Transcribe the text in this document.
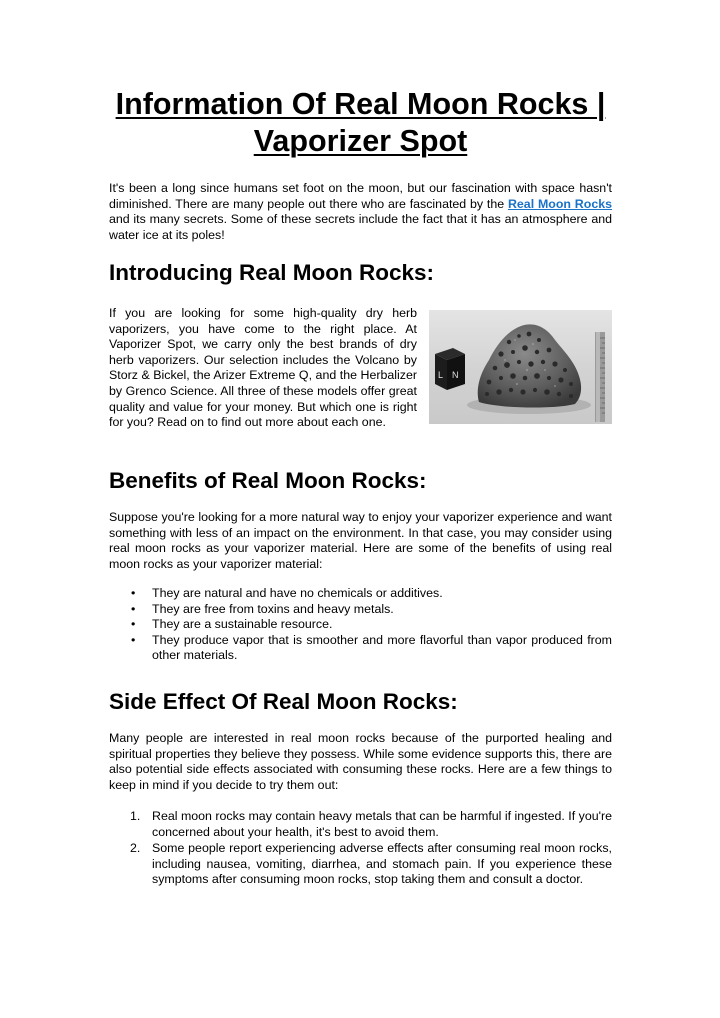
Information Of Real Moon Rocks | Vaporizer Spot

It's been a long since humans set foot on the moon, but our fascination with space hasn't diminished. There are many people out there who are fascinated by the Real Moon Rocks and its many secrets. Some of these secrets include the fact that it has an atmosphere and water ice at its poles!

Introducing Real Moon Rocks:

If you are looking for some high-quality dry herb vaporizers, you have come to the right place. At Vaporizer Spot, we carry only the best brands of dry herb vaporizers. Our selection includes the Volcano by Storz & Bickel, the Arizer Extreme Q, and the Herbalizer by Grenco Science. All three of these models offer great quality and value for your money. But which one is right for you? Read on to find out more about each one.

L N
Benefits of Real Moon Rocks:

Suppose you're looking for a more natural way to enjoy your vaporizer experience and want something with less of an impact on the environment. In that case, you may consider using real moon rocks as your vaporizer material. Here are some of the benefits of using real moon rocks as your vaporizer material:

• They are natural and have no chemicals or additives.
• They are free from toxins and heavy metals.
• They are a sustainable resource.
• They produce vapor that is smoother and more flavorful than vapor produced from other materials.
Side Effect Of Real Moon Rocks:

Many people are interested in real moon rocks because of the purported healing and spiritual properties they believe they possess. While some evidence supports this, there are also potential side effects associated with consuming these rocks. Here are a few things to keep in mind if you decide to try them out:

1. Real moon rocks may contain heavy metals that can be harmful if ingested. If you're concerned about your health, it's best to avoid them.
2. Some people report experiencing adverse effects after consuming real moon rocks, including nausea, vomiting, diarrhea, and stomach pain. If you experience these symptoms after consuming moon rocks, stop taking them and consult a doctor.
